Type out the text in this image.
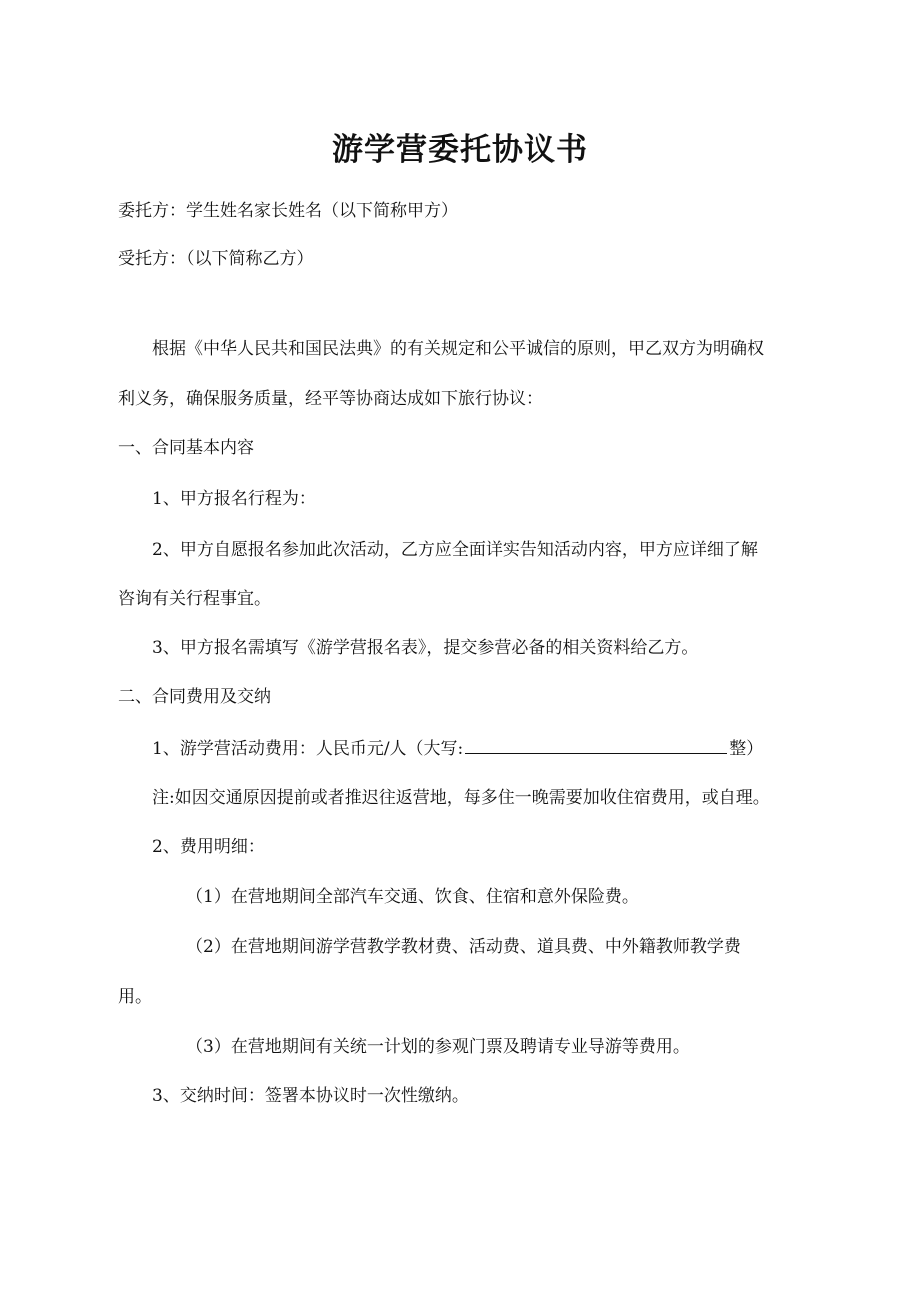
游学营委托协议书
委托方：学生姓名家长姓名（以下简称甲方）
受托方：（以下简称乙方）
根据《中华人民共和国民法典》的有关规定和公平诚信的原则，甲乙双方为明确权
利义务，确保服务质量，经平等协商达成如下旅行协议：
一、合同基本内容
1、甲方报名行程为：
2、甲方自愿报名参加此次活动，乙方应全面详实告知活动内容，甲方应详细了解
咨询有关行程事宜。
3、甲方报名需填写《游学营报名表》，提交参营必备的相关资料给乙方。
二、合同费用及交纳
1、游学营活动费用：人民币元/人（大写:	整）
注:如因交通原因提前或者推迟往返营地，每多住一晚需要加收住宿费用，或自理。
2、费用明细：
（1）在营地期间全部汽车交通、饮食、住宿和意外保险费。
（2）在营地期间游学营教学教材费、活动费、道具费、中外籍教师教学费
用。
（3）在营地期间有关统一计划的参观门票及聘请专业导游等费用。
3、交纳时间：签署本协议时一次性缴纳。
